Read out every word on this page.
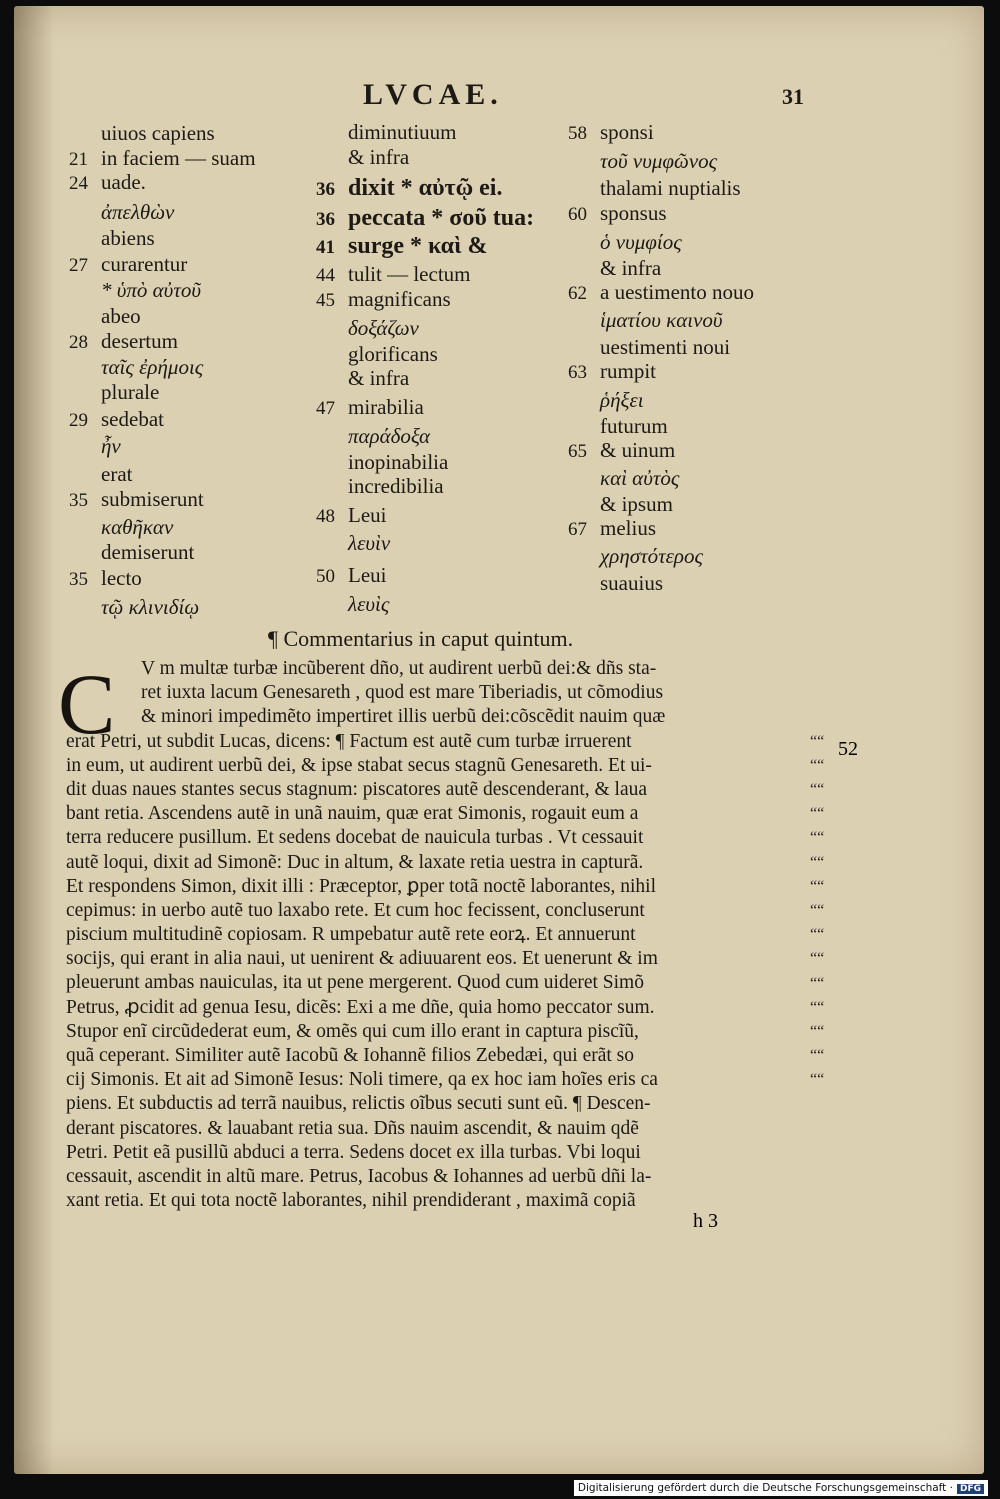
LVCAE.	31
uiuos capiens
21 in faciem — suam
24 uade.
ἀπελθὼν
abiens
27 curarentur
* ὑπὸ αὐτοῦ
abeo
28 desertum
ταῖς ἐρήμοις
plurale
29 sedebat
ἦν
erat
35 submiserunt
καθῆκαν
demiserunt
35 lecto
τῷ κλινιδίῳ
diminutiuum
& infra
36 dixit * αὐτῷ ei.
36 peccata * σοῦ tua:
41 surge * καὶ &
44 tulit — lectum
45 magnificans
δοξάζων
glorificans
& infra
47 mirabilia
παράδοξα
inopinabilia
incredibilia
48 Leui
λευὶν
50 Leui
λευὶς
58 sponsi
τοῦ νυμφῶνος
thalami nuptialis
60 sponsus
ὁ νυμφίος
& infra
62 a uestimento nouo
ἱματίου καινοῦ
uestimenti noui
63 rumpit
ῥήξει
futurum
65 & uinum
καὶ αὐτὸς
& ipsum
67 melius
χρηστότερος
suauius
¶ Commentarius in caput quintum.
C	V m multæ turbæ incũberent dño, ut audirent uerbũ dei:& dñs sta-
ret iuxta lacum Genesareth , quod est mare Tiberiadis, ut cõmodius
& minori impedimẽto impertiret illis uerbũ dei:cõscẽdit nauim quæ
erat Petri, ut subdit Lucas, dicens: ¶ Factum est autẽ cum turbæ irruerent
in eum, ut audirent uerbũ dei, & ipse stabat secus stagnũ Genesareth. Et ui-
dit duas naues stantes secus stagnum: piscatores autẽ descenderant, & laua
bant retia. Ascendens autẽ in unã nauim, quæ erat Simonis, rogauit eum a
terra reducere pusillum. Et sedens docebat de nauicula turbas . Vt cessauit
autẽ loqui, dixit ad Simonẽ: Duc in altum, & laxate retia uestra in capturã.
Et respondens Simon, dixit illi : Præceptor, ꝑper totã noctẽ laborantes, nihil
cepimus: in uerbo autẽ tuo laxabo rete. Et cum hoc fecissent, concluserunt
piscium multitudinẽ copiosam. R umpebatur autẽ rete eorꝝ. Et annuerunt
socijs, qui erant in alia naui, ut uenirent & adiuuarent eos. Et uenerunt & im
pleuerunt ambas nauiculas, ita ut pene mergerent. Quod cum uideret Simõ
Petrus, ꝓcidit ad genua Iesu, dicẽs: Exi a me dñe, quia homo peccator sum.
Stupor enĩ circũdederat eum, & omẽs qui cum illo erant in captura piscĩũ,
quã ceperant. Similiter autẽ Iacobũ & Iohannẽ filios Zebedæi, qui erãt so
cij Simonis. Et ait ad Simonẽ Iesus: Noli timere, qa ex hoc iam hoĩes eris ca
piens. Et subductis ad terrã nauibus, relictis oĩbus secuti sunt eũ. ¶ Descen-
derant piscatores. & lauabant retia sua. Dñs nauim ascendit, & nauim qdẽ
Petri. Petit eã pusillũ abduci a terra. Sedens docet ex illa turbas. Vbi loqui
cessauit, ascendit in altũ mare. Petrus, Iacobus & Iohannes ad uerbũ dñi la-
xant retia. Et qui tota noctẽ laborantes, nihil prendiderant , maximã copiã
““
““
““
““
““
““
““
““
““
““
““
““
““
““
““
52
h 3
Digitalisierung gefördert durch die Deutsche Forschungsgemeinschaft · DFG
